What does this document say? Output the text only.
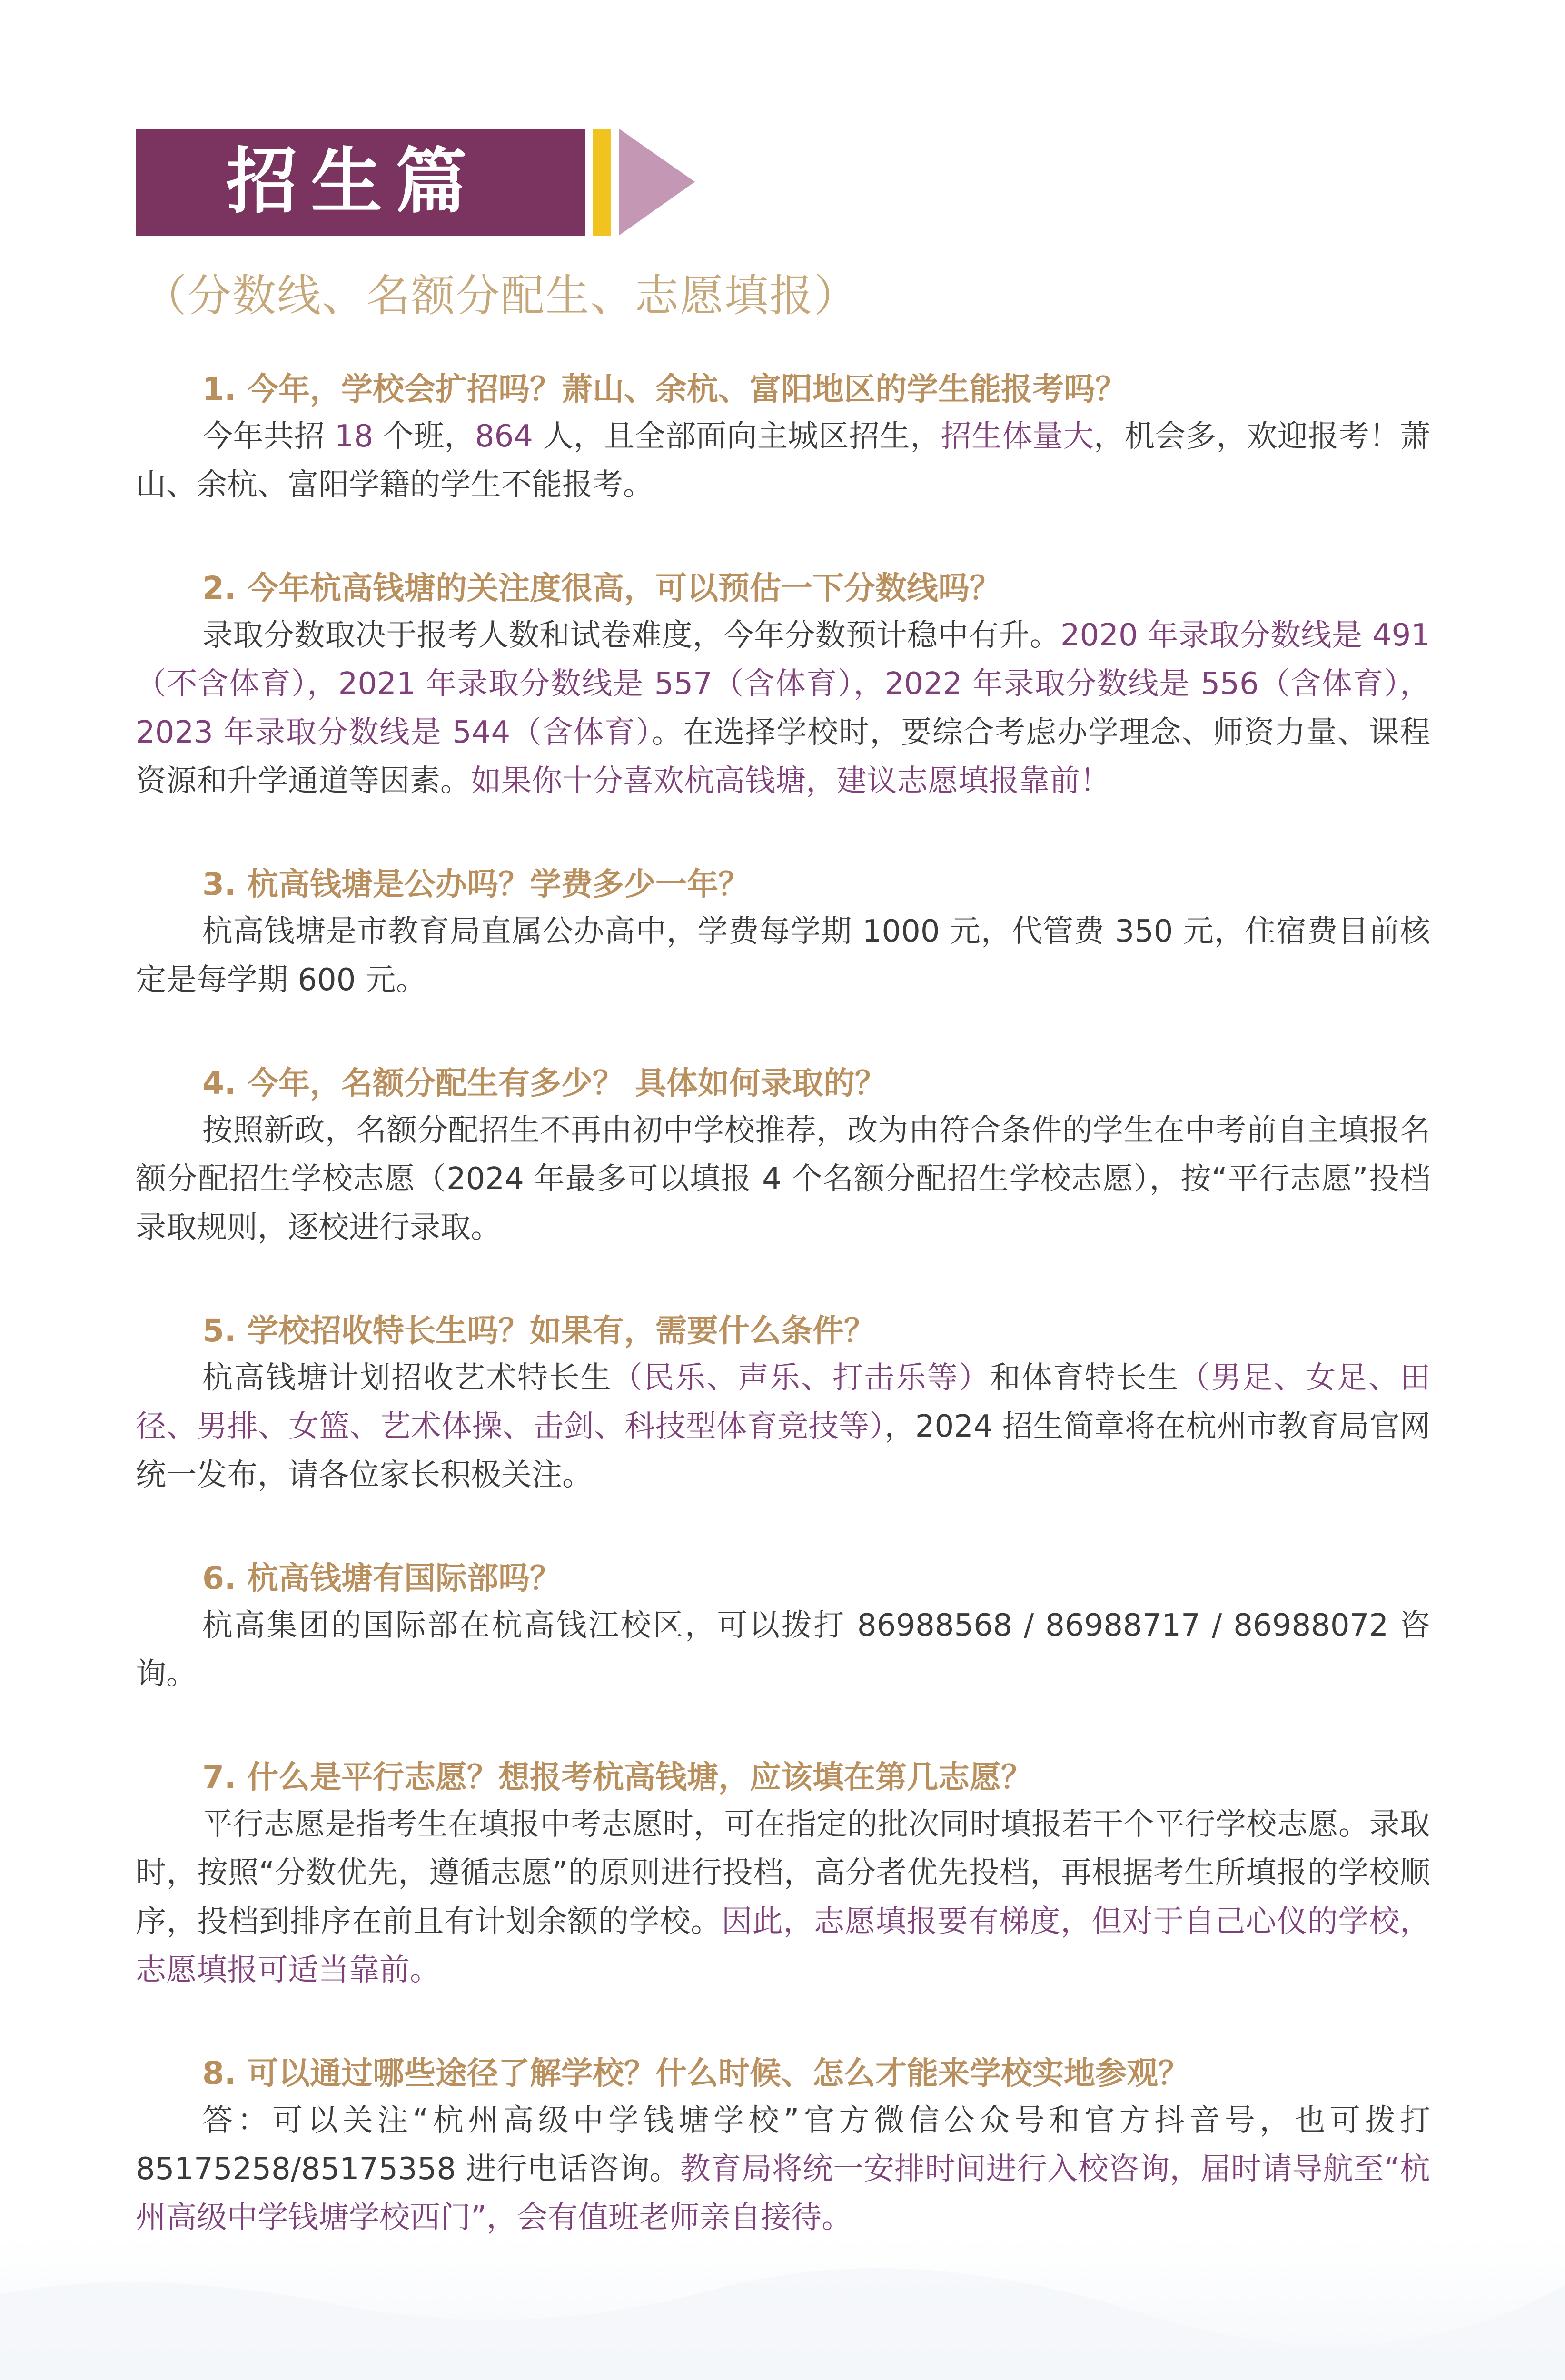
招生篇
（分数线、名额分配生、志愿填报）
1. 今年，学校会扩招吗？萧山、余杭、富阳地区的学生能报考吗？

今年共招 18 个班，864 人，且全部面向主城区招生，招生体量大，机会多，欢迎报考！萧山、余杭、富阳学籍的学生不能报考。

2. 今年杭高钱塘的关注度很高，可以预估一下分数线吗？

录取分数取决于报考人数和试卷难度，今年分数预计稳中有升。2020 年录取分数线是 491（不含体育），2021 年录取分数线是 557（含体育），2022 年录取分数线是 556（含体育），2023 年录取分数线是 544（含体育）。在选择学校时，要综合考虑办学理念、师资力量、课程资源和升学通道等因素。如果你十分喜欢杭高钱塘，建议志愿填报靠前！

3. 杭高钱塘是公办吗？学费多少一年？

杭高钱塘是市教育局直属公办高中，学费每学期 1000 元，代管费 350 元，住宿费目前核定是每学期 600 元。

4. 今年，名额分配生有多少？ 具体如何录取的？

按照新政，名额分配招生不再由初中学校推荐，改为由符合条件的学生在中考前自主填报名额分配招生学校志愿（2024 年最多可以填报 4 个名额分配招生学校志愿），按“平行志愿”投档录取规则，逐校进行录取。

5. 学校招收特长生吗？如果有，需要什么条件？

杭高钱塘计划招收艺术特长生（民乐、声乐、打击乐等）和体育特长生（男足、女足、田径、男排、女篮、艺术体操、击剑、科技型体育竞技等），2024 招生简章将在杭州市教育局官网统一发布，请各位家长积极关注。

6. 杭高钱塘有国际部吗？

杭高集团的国际部在杭高钱江校区，可以拨打 86988568 / 86988717 / 86988072 咨询。

7. 什么是平行志愿？想报考杭高钱塘，应该填在第几志愿？

平行志愿是指考生在填报中考志愿时，可在指定的批次同时填报若干个平行学校志愿。录取时，按照“分数优先，遵循志愿”的原则进行投档，高分者优先投档，再根据考生所填报的学校顺序，投档到排序在前且有计划余额的学校。因此，志愿填报要有梯度，但对于自己心仪的学校，志愿填报可适当靠前。

8. 可以通过哪些途径了解学校？什么时候、怎么才能来学校实地参观？

答：可以关注“杭州高级中学钱塘学校”官方微信公众号和官方抖音号，也可拨打 85175258/85175358 进行电话咨询。教育局将统一安排时间进行入校咨询，届时请导航至“杭州高级中学钱塘学校西门”，会有值班老师亲自接待。
